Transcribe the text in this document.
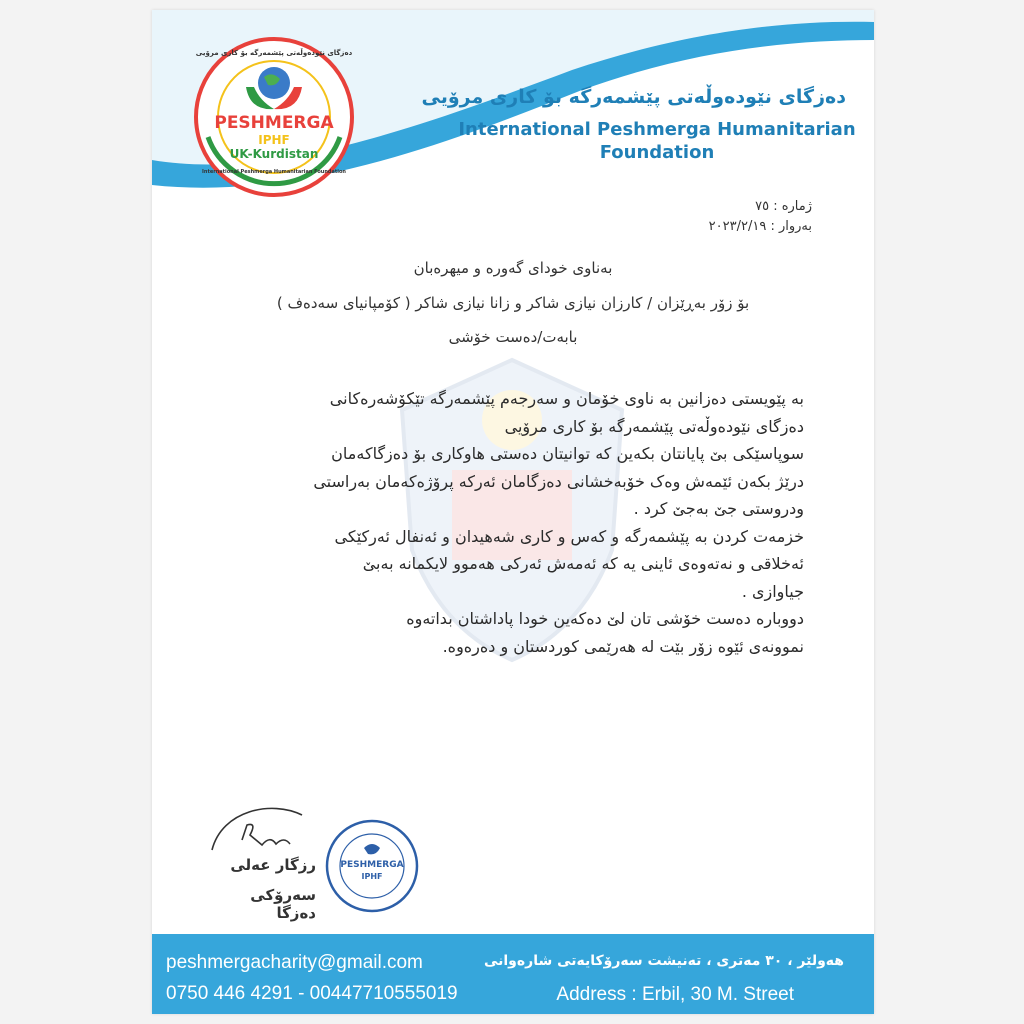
PESHMERGA
IPHF
UK-Kurdistan
دەزگای نێودەوڵەتی پێشمەرگە بۆ کاری مرۆیی
International Peshmerga Humanitarian Foundation
دەزگای نێودەوڵەتی پێشمەرگە بۆ کاری مرۆیی
International Peshmerga Humanitarian
Foundation
ژمارە : ٧٥
بەروار : ٢٠٢٣/٢/١٩
بەناوی خودای گەورە و میهرەبان
بۆ زۆر بەڕێزان / کارزان نیازی شاکر و زانا نیازی شاکر ( کۆمپانیای سەدەف )
بابەت/دەست خۆشی

بە پێویستی دەزانین بە ناوی خۆمان و سەرجەم پێشمەرگە تێکۆشەرەکانی

دەزگای نێودەوڵەتی پێشمەرگە بۆ کاری مرۆیی

سوپاسێکی بێ پایانتان بکەین کە توانیتان دەستی هاوکاری بۆ دەزگاکەمان

درێژ بکەن ئێمەش وەک خۆبەخشانی دەزگامان ئەرکە پرۆژەکەمان بەراستی

ودروستی جێ بەجێ کرد .

خزمەت کردن بە پێشمەرگە و کەس و کاری شەهیدان و ئەنفال ئەرکێکی

ئەخلاقی و نەتەوەی ئاینی یە کە ئەمەش ئەرکی هەموو لایکمانە بەبێ

جیاوازی .

دووبارە دەست خۆشی تان لێ دەکەین خودا پاداشتان بداتەوە

نموونەی ئێوە زۆر بێت لە هەرێمی کوردستان و دەرەوە.

رزگار عەلی
سەرۆکی دەزگا
PESHMERGA
IPHF
peshmergacharity@gmail.com
0750 446 4291 - 00447710555019
هەولێر ، ٣٠ مەتری ، تەنیشت سەرۆکایەتی شارەوانی
Address : Erbil, 30 M. Street
